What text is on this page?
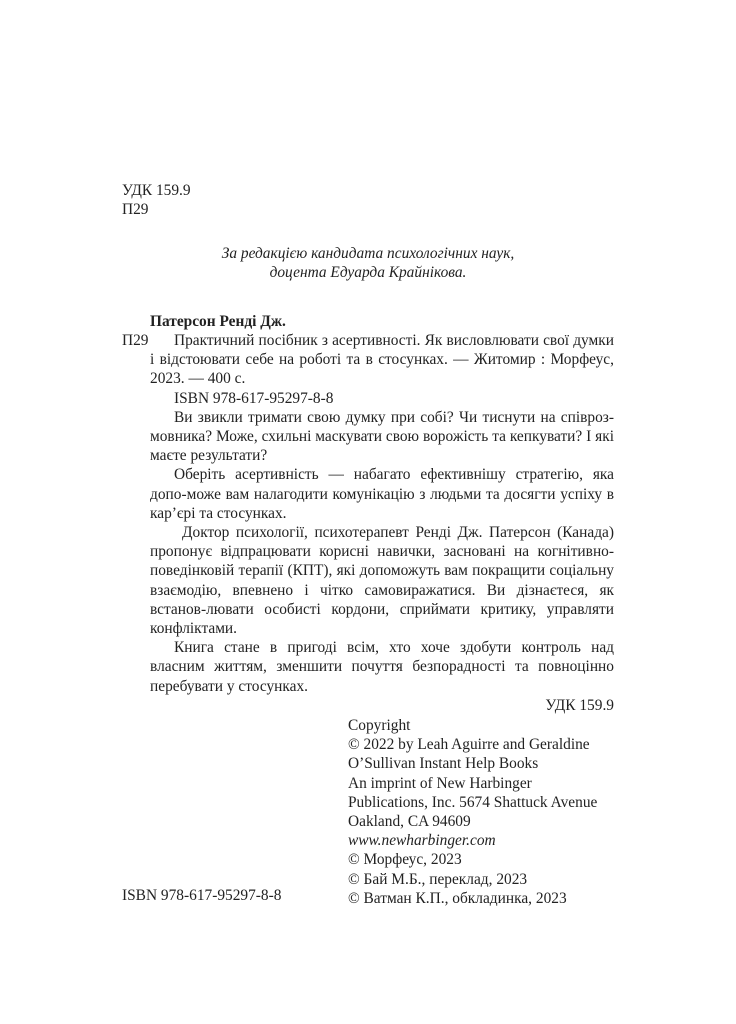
УДК 159.9
П29
За редакцією кандидата психологічних наук,
доцента Едуарда Крайнікова.
Патерсон Ренді Дж.
П29	Практичний посібник з асертивності. Як висловлювати свої думки і відстоювати себе на роботі та в стосунках. — Житомир : Морфеус, 2023. — 400 с.

ISBN 978-617-95297-8-8

Ви звикли тримати свою думку при собі? Чи тиснути на співроз-мовника? Може, схильні маскувати свою ворожість та кепкувати? І які маєте результати?

Оберіть асертивність — набагато ефективнішу стратегію, яка допо-може вам налагодити комунікацію з людьми та досягти успіху в кар’єрі та стосунках.

Доктор психології, психотерапевт Ренді Дж. Патерсон (Канада) пропонує відпрацювати корисні навички, засновані на когнітивно-поведінковій терапії (КПТ), які допоможуть вам покращити соціальну взаємодію, впевнено і чітко самовиражатися. Ви дізнаєтеся, як встанов-лювати особисті кордони, сприймати критику, управляти конфліктами.

Книга стане в пригоді всім, хто хоче здобути контроль над власним життям, зменшити почуття безпорадності та повноцінно перебувати у стосунках.

УДК 159.9

Copyright
© 2022 by Leah Aguirre and Geraldine
O’Sullivan Instant Help Books
An imprint of New Harbinger
Publications, Inc. 5674 Shattuck Avenue
Oakland, CA 94609
www.newharbinger.com
© Морфеус, 2023
© Бай М.Б., переклад, 2023
© Ватман К.П., обкладинка, 2023
ISBN 978-617-95297-8-8
